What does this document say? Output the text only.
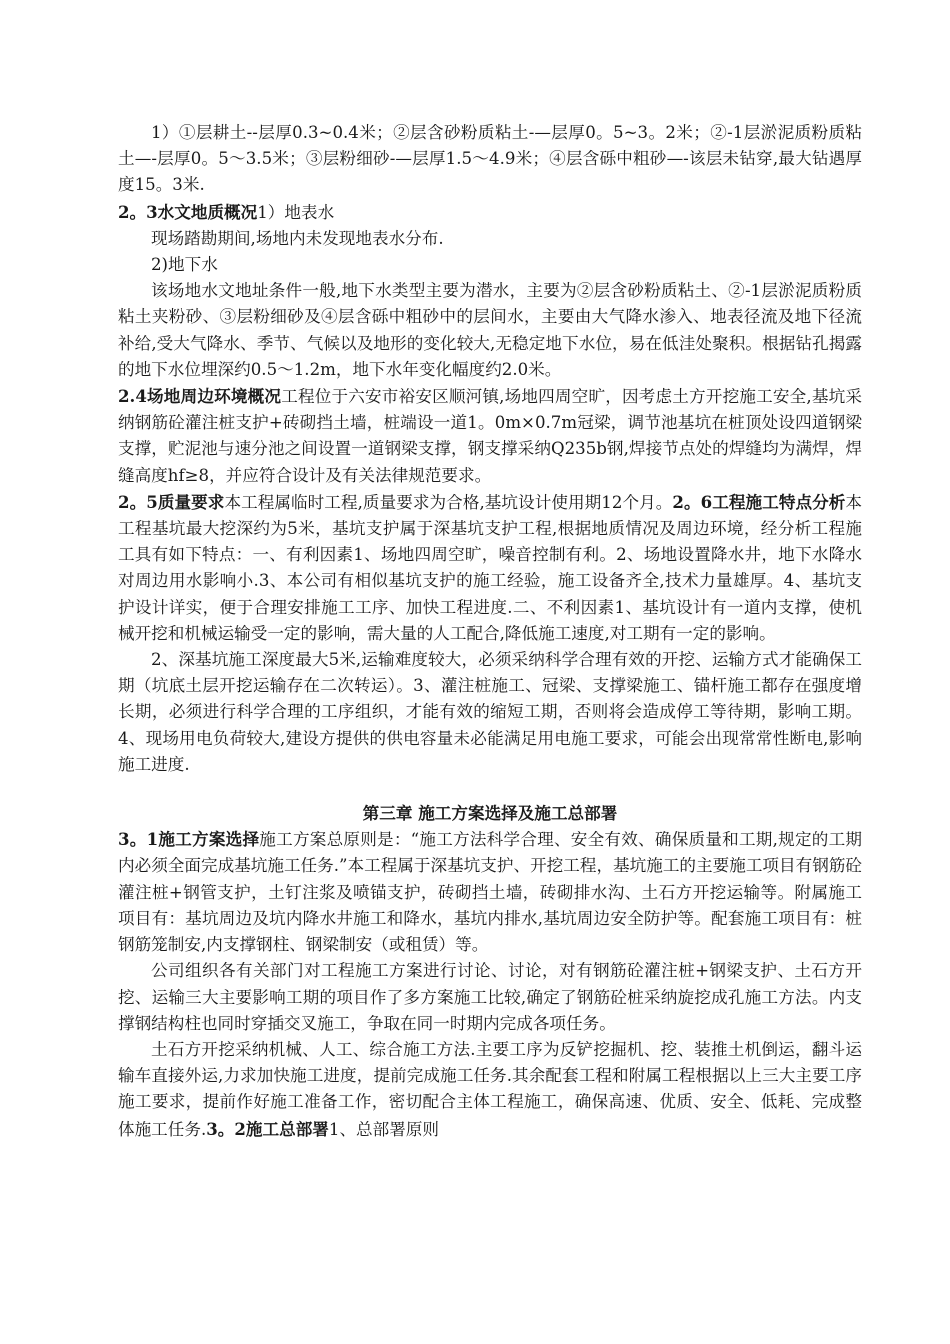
1）①层耕土--层厚0.3~0.4米；②层含砂粉质粘土-—层厚0。5~3。2米；②-1层淤泥质粉质粘土—-层厚0。5～3.5米；③层粉细砂-—层厚1.5～4.9米；④层含砾中粗砂—-该层未钻穿,最大钻遇厚度15。3米.

2。3水文地质概况1）地表水

现场踏勘期间,场地内未发现地表水分布.

2)地下水

该场地水文地址条件一般,地下水类型主要为潜水，主要为②层含砂粉质粘土、②-1层淤泥质粉质粘土夹粉砂、③层粉细砂及④层含砾中粗砂中的层间水，主要由大气降水渗入、地表径流及地下径流补给,受大气降水、季节、气候以及地形的变化较大,无稳定地下水位，易在低洼处聚积。根据钻孔揭露的地下水位埋深约0.5～1.2m，地下水年变化幅度约2.0米。

2.4场地周边环境概况工程位于六安市裕安区顺河镇,场地四周空旷，因考虑土方开挖施工安全,基坑采纳钢筋砼灌注桩支护+砖砌挡土墙，桩端设一道1。0m×0.7m冠梁，调节池基坑在桩顶处设四道钢梁支撑，贮泥池与速分池之间设置一道钢梁支撑，钢支撑采纳Q235b钢,焊接节点处的焊缝均为满焊，焊缝高度hf≥8，并应符合设计及有关法律规范要求。

2。5质量要求本工程属临时工程,质量要求为合格,基坑设计使用期12个月。2。6工程施工特点分析本工程基坑最大挖深约为5米，基坑支护属于深基坑支护工程,根据地质情况及周边环境，经分析工程施工具有如下特点：一、有利因素1、场地四周空旷，噪音控制有利。2、场地设置降水井，地下水降水对周边用水影响小.3、本公司有相似基坑支护的施工经验，施工设备齐全,技术力量雄厚。4、基坑支护设计详实，便于合理安排施工工序、加快工程进度.二、不利因素1、基坑设计有一道内支撑，使机械开挖和机械运输受一定的影响，需大量的人工配合,降低施工速度,对工期有一定的影响。

2、深基坑施工深度最大5米,运输难度较大，必须采纳科学合理有效的开挖、运输方式才能确保工期（坑底土层开挖运输存在二次转运）。3、灌注桩施工、冠梁、支撑梁施工、锚杆施工都存在强度增长期，必须进行科学合理的工序组织，才能有效的缩短工期，否则将会造成停工等待期，影响工期。4、现场用电负荷较大,建设方提供的供电容量未必能满足用电施工要求，可能会出现常常性断电,影响施工进度.

第三章 施工方案选择及施工总部署

3。1施工方案选择施工方案总原则是：“施工方法科学合理、安全有效、确保质量和工期,规定的工期内必须全面完成基坑施工任务.”本工程属于深基坑支护、开挖工程，基坑施工的主要施工项目有钢筋砼灌注桩+钢管支护，土钉注浆及喷锚支护，砖砌挡土墙，砖砌排水沟、土石方开挖运输等。附属施工项目有：基坑周边及坑内降水井施工和降水，基坑内排水,基坑周边安全防护等。配套施工项目有：桩钢筋笼制安,内支撑钢柱、钢梁制安（或租赁）等。

公司组织各有关部门对工程施工方案进行讨论、讨论，对有钢筋砼灌注桩+钢梁支护、土石方开挖、运输三大主要影响工期的项目作了多方案施工比较,确定了钢筋砼桩采纳旋挖成孔施工方法。内支撑钢结构柱也同时穿插交叉施工，争取在同一时期内完成各项任务。

土石方开挖采纳机械、人工、综合施工方法.主要工序为反铲挖掘机、挖、装推土机倒运，翻斗运输车直接外运,力求加快施工进度，提前完成施工任务.其余配套工程和附属工程根据以上三大主要工序施工要求，提前作好施工准备工作，密切配合主体工程施工，确保高速、优质、安全、低耗、完成整体施工任务.3。2施工总部署1、总部署原则
